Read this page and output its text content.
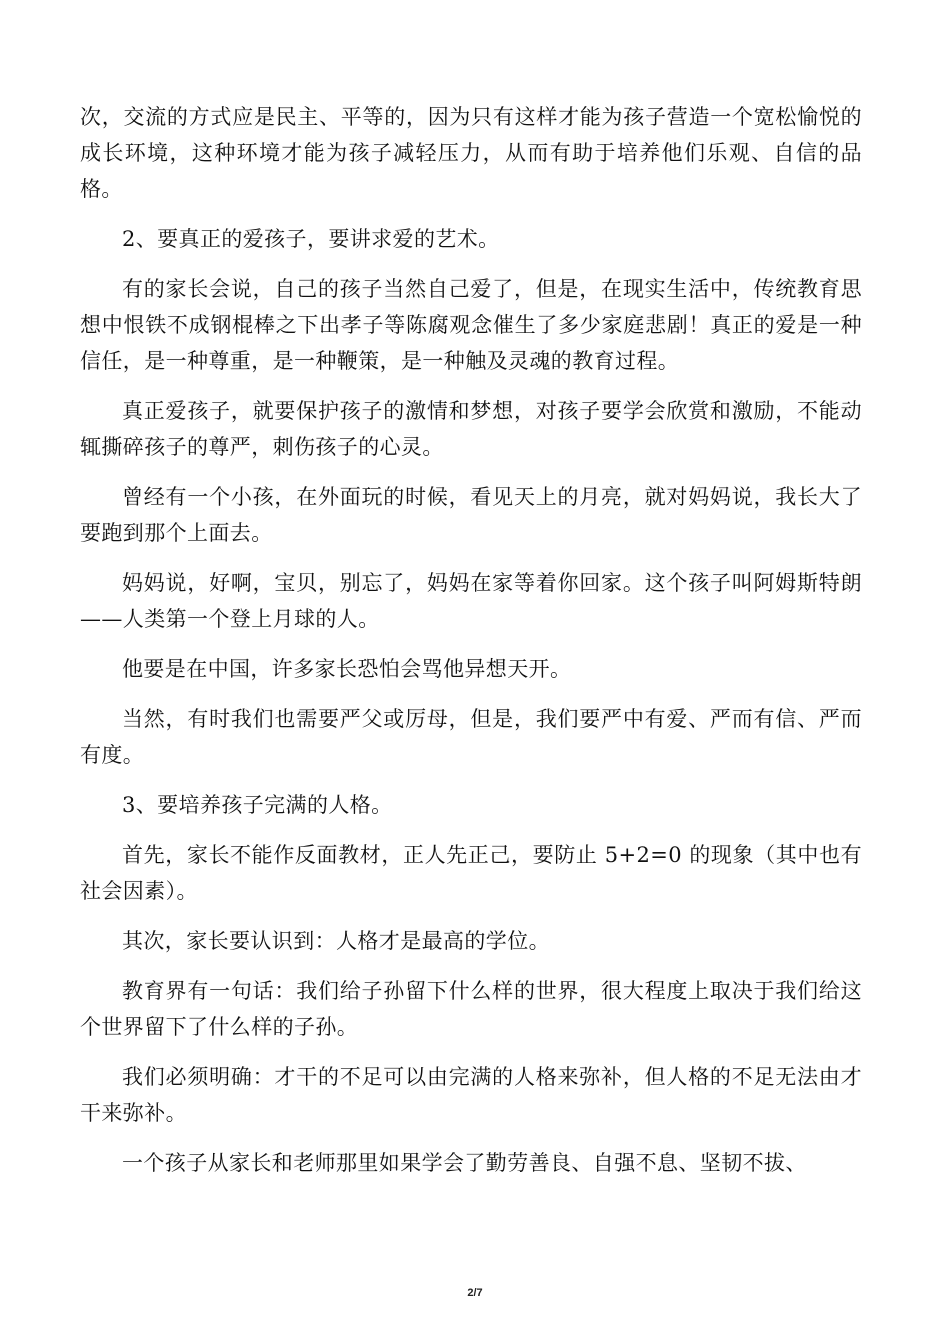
次，交流的方式应是民主、平等的，因为只有这样才能为孩子营造一个宽松愉悦的成长环境，这种环境才能为孩子减轻压力，从而有助于培养他们乐观、自信的品格。

2、要真正的爱孩子，要讲求爱的艺术。

有的家长会说，自己的孩子当然自己爱了，但是，在现实生活中，传统教育思想中恨铁不成钢棍棒之下出孝子等陈腐观念催生了多少家庭悲剧！真正的爱是一种信任，是一种尊重，是一种鞭策，是一种触及灵魂的教育过程。

真正爱孩子，就要保护孩子的激情和梦想，对孩子要学会欣赏和激励，不能动辄撕碎孩子的尊严，刺伤孩子的心灵。

曾经有一个小孩，在外面玩的时候，看见天上的月亮，就对妈妈说，我长大了要跑到那个上面去。

妈妈说，好啊，宝贝，别忘了，妈妈在家等着你回家。这个孩子叫阿姆斯特朗——人类第一个登上月球的人。

他要是在中国，许多家长恐怕会骂他异想天开。

当然，有时我们也需要严父或厉母，但是，我们要严中有爱、严而有信、严而有度。

3、要培养孩子完满的人格。

首先，家长不能作反面教材，正人先正己，要防止 5+2=0 的现象（其中也有社会因素）。

其次，家长要认识到：人格才是最高的学位。

教育界有一句话：我们给子孙留下什么样的世界，很大程度上取决于我们给这个世界留下了什么样的子孙。

我们必须明确：才干的不足可以由完满的人格来弥补，但人格的不足无法由才干来弥补。

一个孩子从家长和老师那里如果学会了勤劳善良、自强不息、坚韧不拔、

2/7
